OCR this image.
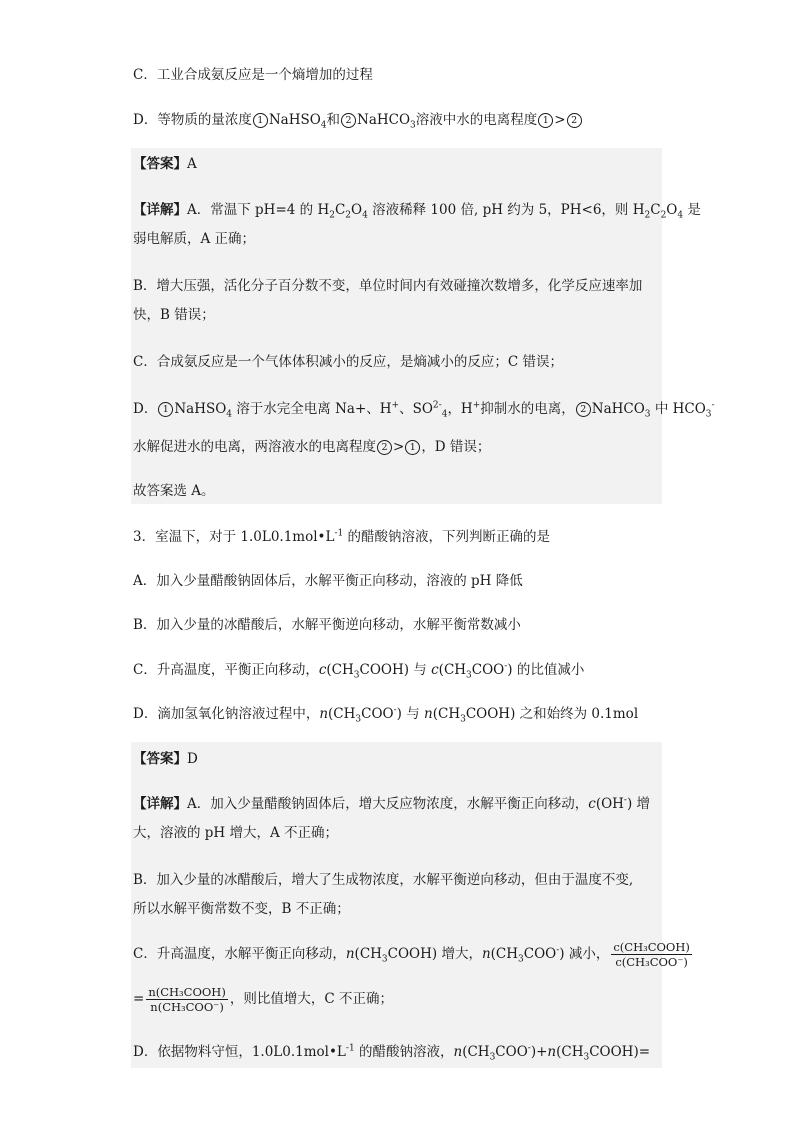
C．工业合成氨反应是一个熵增加的过程
D．等物质的量浓度 1 NaHSO$_4$和 2 NaHCO$_3$溶液中水的电离程度 1 > 2
【答案】A
【详解】A．常温下 pH=4 的 $H_2C_2O_4$ 溶液稀释 100 倍, pH 约为 5，PH<6，则 $H_2C_2O_4$ 是
弱电解质，A 正确；
B．增大压强，活化分子百分数不变，单位时间内有效碰撞次数增多，化学反应速率加
快，B 错误；
C．合成氨反应是一个气体体积减小的反应，是熵减小的反应；C 错误；
D． 1 NaHSO$_4$ 溶于水完全电离 Na+、H+、$SO^{2-}_4$，H+抑制水的电离， 2 NaHCO$_3$ 中 $HCO_3^-$
水解促进水的电离，两溶液水的电离程度 2 > 1 ，D 错误；
故答案选 A。
3．室温下，对于 $1.0L0.1mol•L^{-1}$ 的醋酸钠溶液，下列判断正确的是
A．加入少量醋酸钠固体后，水解平衡正向移动，溶液的 pH 降低
B．加入少量的冰醋酸后，水解平衡逆向移动，水解平衡常数减小
C．升高温度，平衡正向移动，$c(CH_3COOH)$ 与 $c(CH_3COO^-)$ 的比值减小
D．滴加氢氧化钠溶液过程中，$n(CH_3COO^-)$ 与 $n(CH_3COOH)$ 之和始终为 0.1mol
【答案】D
【详解】A．加入少量醋酸钠固体后，增大反应物浓度，水解平衡正向移动，c(OH-) 增
大，溶液的 pH 增大，A 不正确；
B．加入少量的冰醋酸后，增大了生成物浓度，水解平衡逆向移动，但由于温度不变,
所以水解平衡常数不变，B 不正确；
C．升高温度，水解平衡正向移动，$n(CH_3COOH)$ 增大，$n(CH_3COO^-)$ 减小， $\frac{\text{c(CH₃COOH)}}{\text{c(CH₃COO⁻)}}$
= $\frac{\text{n(CH₃COOH)}}{\text{n(CH₃COO⁻)}}$ ，则比值增大，C 不正确；
D．依据物料守恒，$1.0L0.1mol•L^{-1}$ 的醋酸钠溶液，$n(CH_3COO^-)+n(CH_3COOH)=$
